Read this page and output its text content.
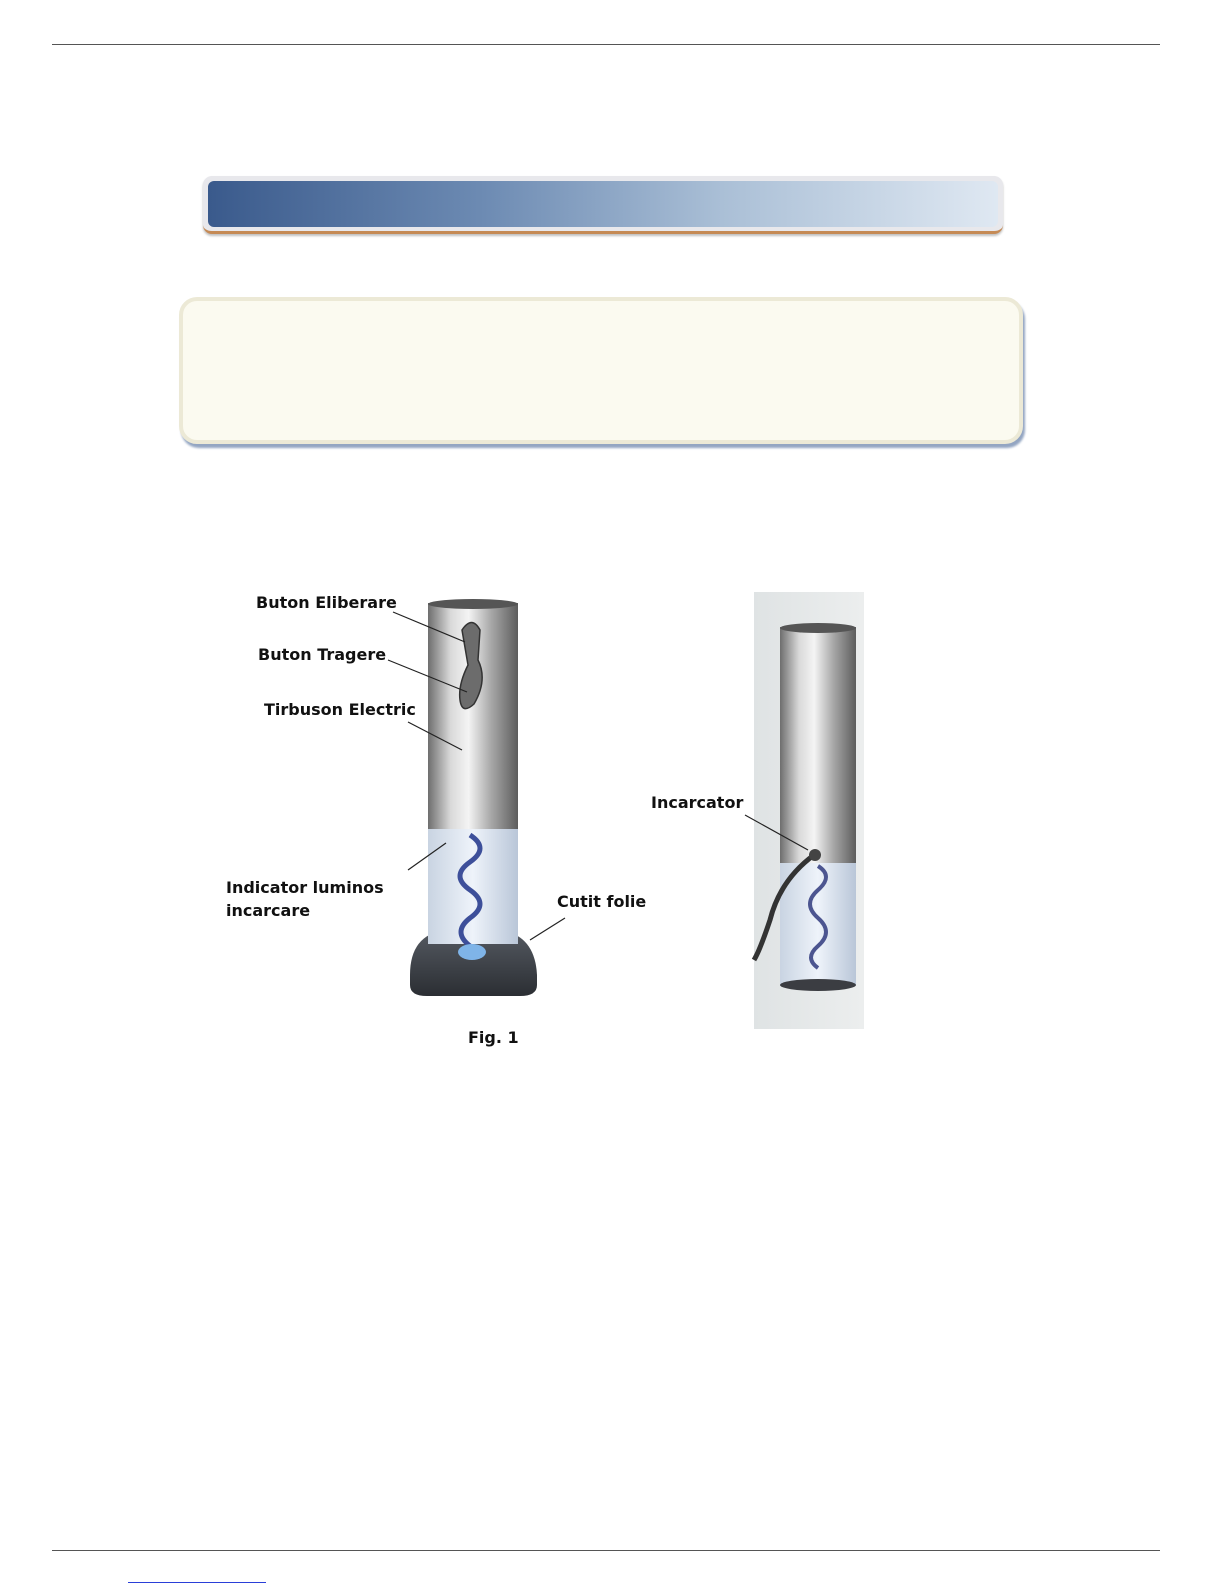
Buton Eliberare
Buton Tragere
Tirbuson Electric
Indicator luminos
incarcare	Cutit folie
Incarcator
Fig. 1
